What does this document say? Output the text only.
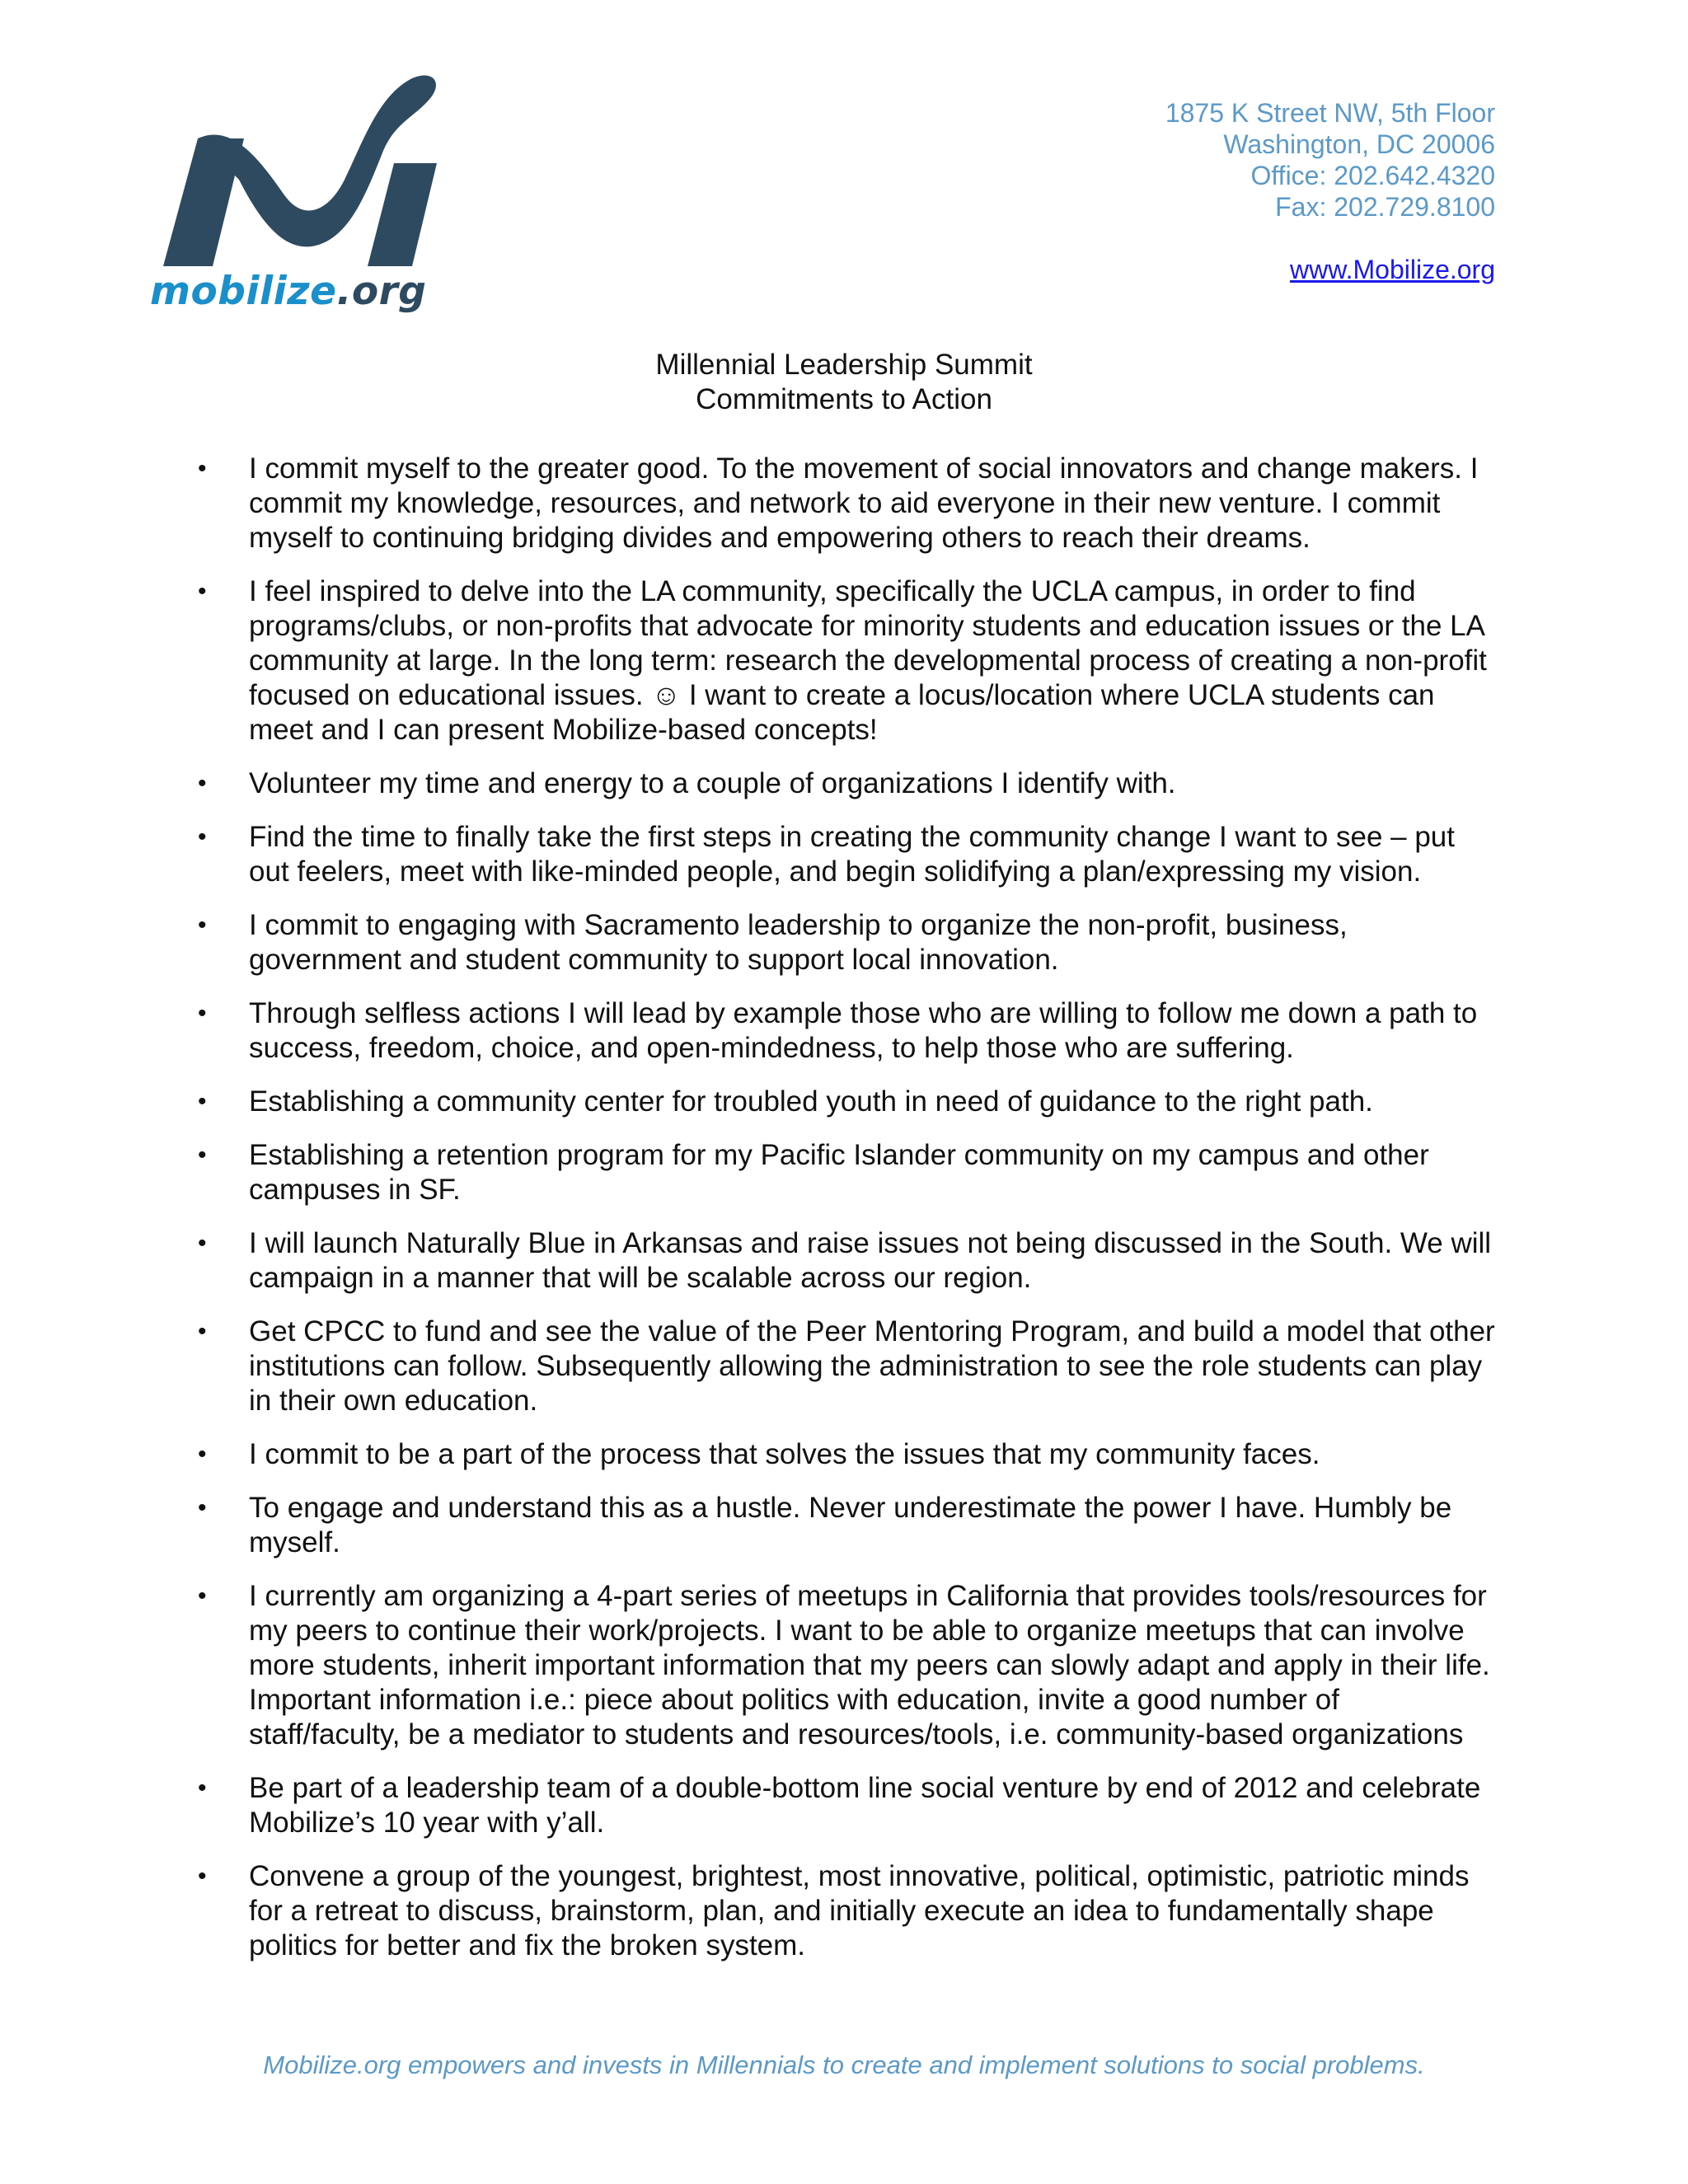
mobilize.org
1875 K Street NW, 5th Floor
Washington, DC 20006
Office: 202.642.4320
Fax: 202.729.8100
www.Mobilize.org
Millennial Leadership Summit
Commitments to Action
• I commit myself to the greater good. To the movement of social innovators and change makers. I commit my knowledge, resources, and network to aid everyone in their new venture. I commit myself to continuing bridging divides and empowering others to reach their dreams.
• I feel inspired to delve into the LA community, specifically the UCLA campus, in order to find programs/clubs, or non-profits that advocate for minority students and education issues or the LA community at large. In the long term: research the developmental process of creating a non-profit focused on educational issues. ☺ I want to create a locus/location where UCLA students can meet and I can present Mobilize-based concepts!
• Volunteer my time and energy to a couple of organizations I identify with.
• Find the time to finally take the first steps in creating the community change I want to see – put out feelers, meet with like-minded people, and begin solidifying a plan/expressing my vision.
• I commit to engaging with Sacramento leadership to organize the non-profit, business, government and student community to support local innovation.
• Through selfless actions I will lead by example those who are willing to follow me down a path to success, freedom, choice, and open-mindedness, to help those who are suffering.
• Establishing a community center for troubled youth in need of guidance to the right path.
• Establishing a retention program for my Pacific Islander community on my campus and other campuses in SF.
• I will launch Naturally Blue in Arkansas and raise issues not being discussed in the South. We will campaign in a manner that will be scalable across our region.
• Get CPCC to fund and see the value of the Peer Mentoring Program, and build a model that other institutions can follow. Subsequently allowing the administration to see the role students can play in their own education.
• I commit to be a part of the process that solves the issues that my community faces.
• To engage and understand this as a hustle. Never underestimate the power I have. Humbly be myself.
• I currently am organizing a 4-part series of meetups in California that provides tools/resources for my peers to continue their work/projects. I want to be able to organize meetups that can involve more students, inherit important information that my peers can slowly adapt and apply in their life. Important information i.e.: piece about politics with education, invite a good number of staff/faculty, be a mediator to students and resources/tools, i.e. community-based organizations
• Be part of a leadership team of a double-bottom line social venture by end of 2012 and celebrate Mobilize’s 10 year with y’all.
• Convene a group of the youngest, brightest, most innovative, political, optimistic, patriotic minds for a retreat to discuss, brainstorm, plan, and initially execute an idea to fundamentally shape politics for better and fix the broken system.
Mobilize.org empowers and invests in Millennials to create and implement solutions to social problems.
